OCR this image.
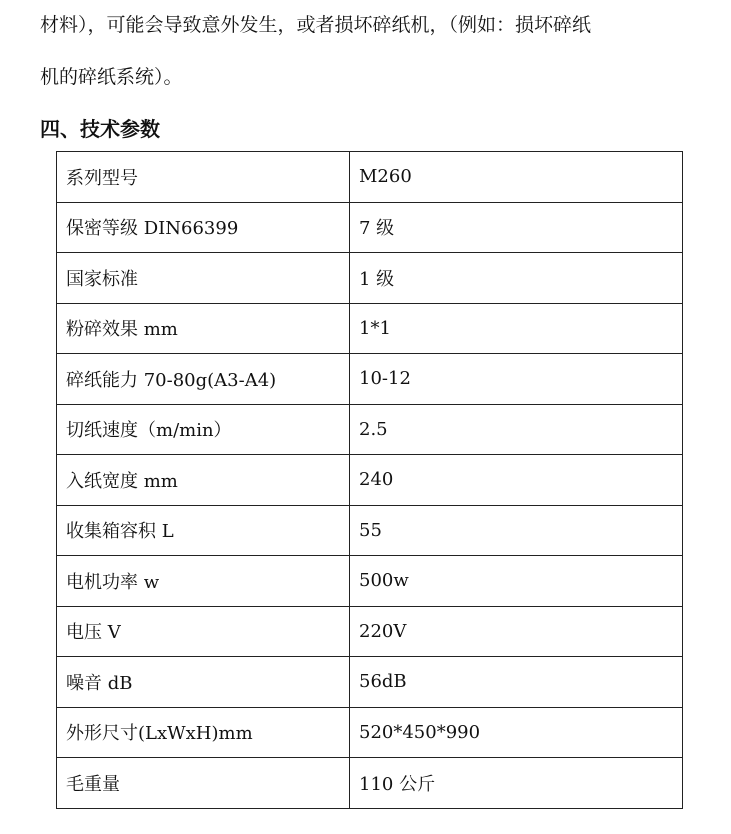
材料），可能会导致意外发生，或者损坏碎纸机，（例如：损坏碎纸
机的碎纸系统）。
四、技术参数
系列型号	M260
保密等级 DIN66399	7 级
国家标准	1 级
粉碎效果 mm	1*1
碎纸能力 70-80g(A3-A4)	10-12
切纸速度（m/min）	2.5
入纸宽度 mm	240
收集箱容积 L	55
电机功率 w	500w
电压 V	220V
噪音 dB	56dB
外形尺寸(LxWxH)mm	520*450*990
毛重量	110 公斤
